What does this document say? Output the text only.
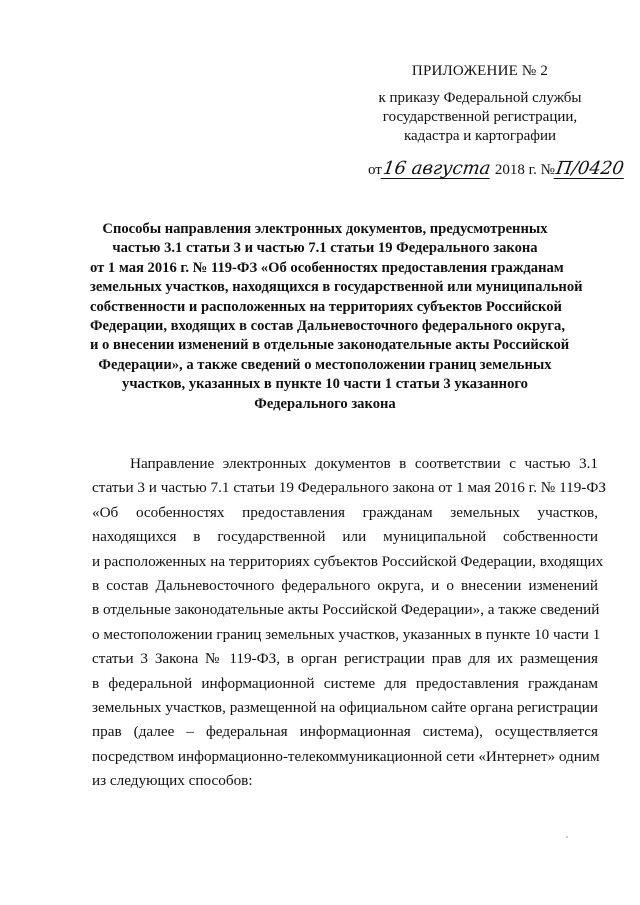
ПРИЛОЖЕНИЕ № 2

к приказу Федеральной службы

государственной регистрации,

кадастра и картографии

от16 августа 2018 г. №П/0420
Способы направления электронных документов, предусмотренных
частью 3.1 статьи 3 и частью 7.1 статьи 19 Федерального закона
от 1 мая 2016 г. № 119-ФЗ «Об особенностях предоставления гражданам
земельных участков, находящихся в государственной или муниципальной
собственности и расположенных на территориях субъектов Российской
Федерации, входящих в состав Дальневосточного федерального округа,
и о внесении изменений в отдельные законодательные акты Российской
Федерации», а также сведений о местоположении границ земельных
участков, указанных в пункте 10 части 1 статьи 3 указанного
Федерального закона
Направление электронных документов в соответствии с частью 3.1
статьи 3 и частью 7.1 статьи 19 Федерального закона от 1 мая 2016 г. № 119-ФЗ
«Об особенностях предоставления гражданам земельных участков,
находящихся в государственной или муниципальной собственности
и расположенных на территориях субъектов Российской Федерации, входящих
в состав Дальневосточного федерального округа, и о внесении изменений
в отдельные законодательные акты Российской Федерации», а также сведений
о местоположении границ земельных участков, указанных в пункте 10 части 1
статьи 3 Закона № 119-ФЗ, в орган регистрации прав для их размещения
в федеральной информационной системе для предоставления гражданам
земельных участков, размещенной на официальном сайте органа регистрации
прав (далее – федеральная информационная система), осуществляется
посредством информационно-телекоммуникационной сети «Интернет» одним
из следующих способов:
